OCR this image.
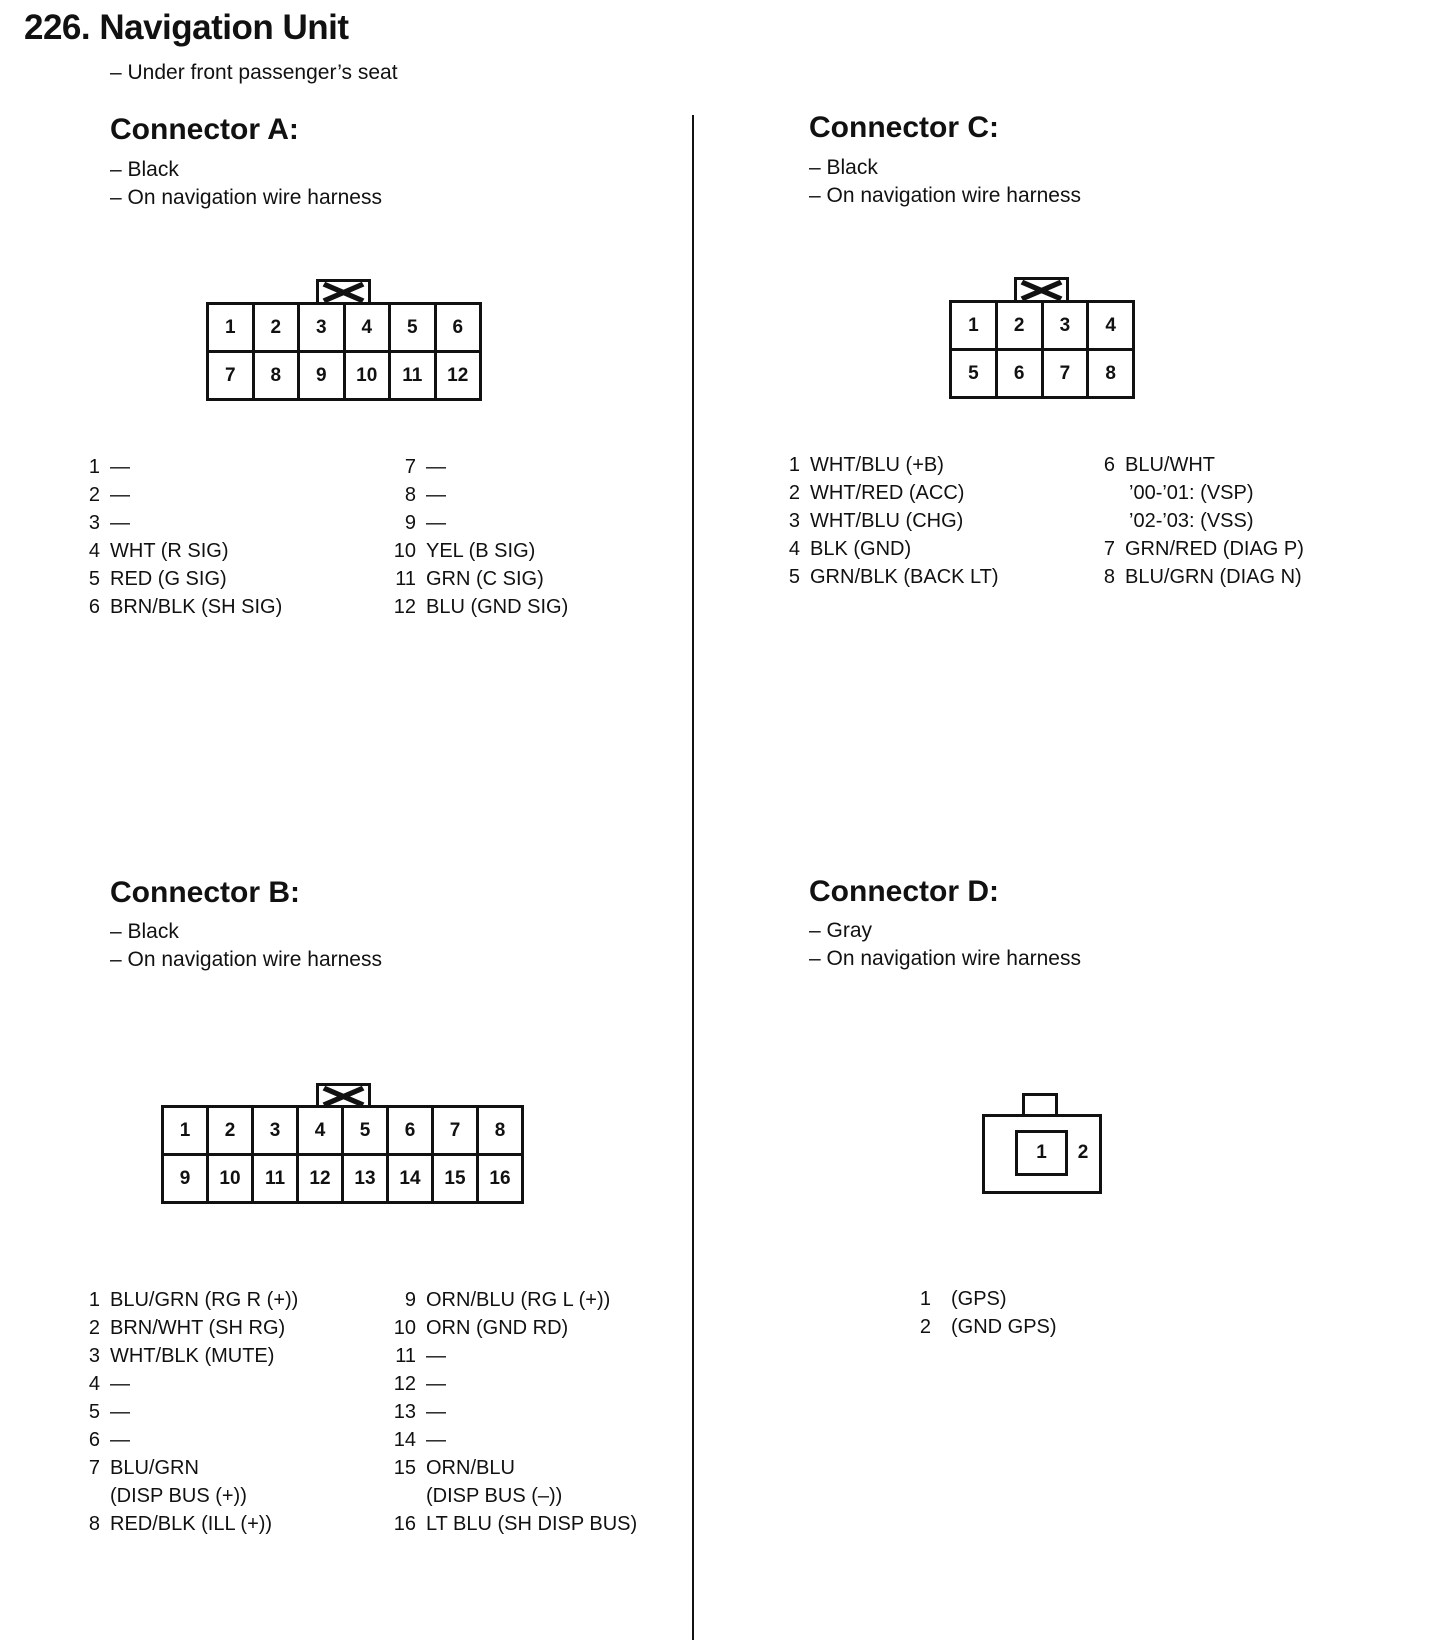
226. Navigation Unit
– Under front passenger’s seat
Connector A:
– Black
– On navigation wire harness
1	2	3	4	5	6
7	8	9	10	11	12
1 —
2 —
3 —
4 WHT (R SIG)
5 RED (G SIG)
6 BRN/BLK (SH SIG)
7 —
8 —
9 —
10 YEL (B SIG)
11 GRN (C SIG)
12 BLU (GND SIG)
Connector C:
– Black
– On navigation wire harness
1	2	3	4
5	6	7	8
1 WHT/BLU (+B)
2 WHT/RED (ACC)
3 WHT/BLU (CHG)
4 BLK (GND)
5 GRN/BLK (BACK LT)
6 BLU/WHT
’00-’01: (VSP)
’02-’03: (VSS)
7 GRN/RED (DIAG P)
8 BLU/GRN (DIAG N)
Connector B:
– Black
– On navigation wire harness
1	2	3	4	5	6	7	8
9	10	11	12	13	14	15	16
1 BLU/GRN (RG R (+))
2 BRN/WHT (SH RG)
3 WHT/BLK (MUTE)
4 —
5 —
6 —
7 BLU/GRN
(DISP BUS (+))
8 RED/BLK (ILL (+))
9 ORN/BLU (RG L (+))
10 ORN (GND RD)
11 —
12 —
13 —
14 —
15 ORN/BLU
(DISP BUS (–))
16 LT BLU (SH DISP BUS)
Connector D:
– Gray
– On navigation wire harness
1	2
1	(GPS)
2	(GND GPS)
